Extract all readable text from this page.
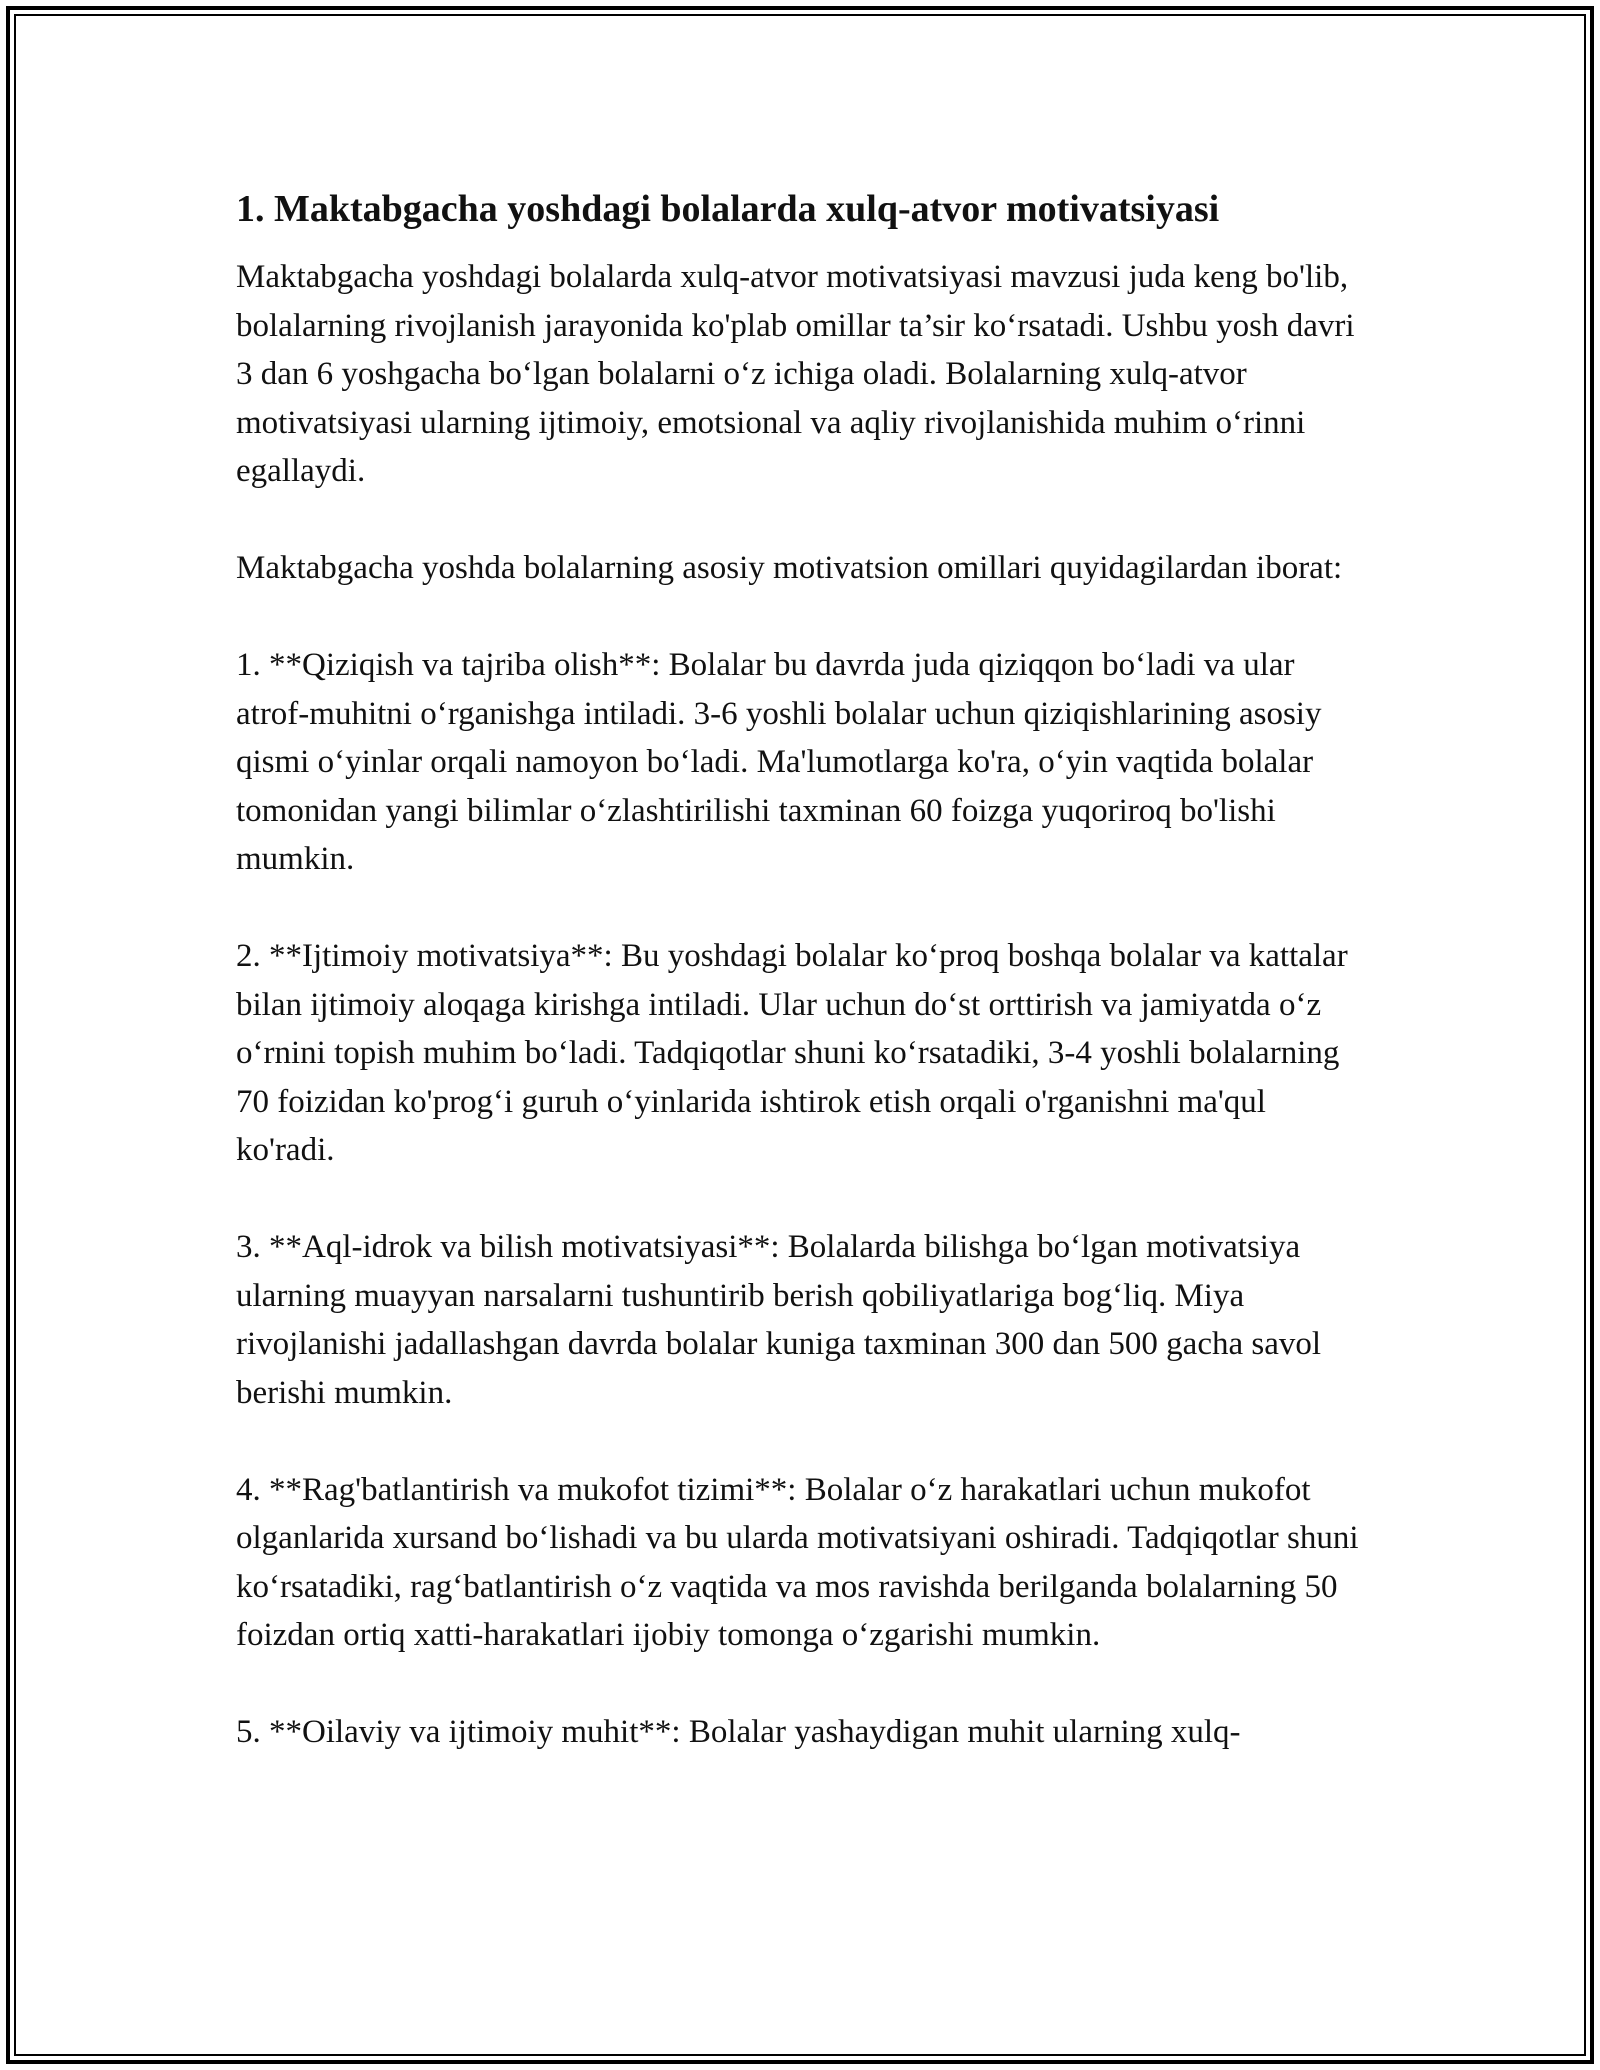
1. Maktabgacha yoshdagi bolalarda xulq-atvor motivatsiyasi

Maktabgacha yoshdagi bolalarda xulq-atvor motivatsiyasi mavzusi juda keng bo'lib, bolalarning rivojlanish jarayonida ko'plab omillar ta’sir ko‘rsatadi. Ushbu yosh davri 3 dan 6 yoshgacha bo‘lgan bolalarni o‘z ichiga oladi. Bolalarning xulq-atvor motivatsiyasi ularning ijtimoiy, emotsional va aqliy rivojlanishida muhim o‘rinni egallaydi.

Maktabgacha yoshda bolalarning asosiy motivatsion omillari quyidagilardan iborat:

1. **Qiziqish va tajriba olish**: Bolalar bu davrda juda qiziqqon bo‘ladi va ular atrof-muhitni o‘rganishga intiladi. 3-6 yoshli bolalar uchun qiziqishlarining asosiy qismi o‘yinlar orqali namoyon bo‘ladi. Ma'lumotlarga ko'ra, o‘yin vaqtida bolalar tomonidan yangi bilimlar o‘zlashtirilishi taxminan 60 foizga yuqoriroq bo'lishi mumkin.

2. **Ijtimoiy motivatsiya**: Bu yoshdagi bolalar ko‘proq boshqa bolalar va kattalar bilan ijtimoiy aloqaga kirishga intiladi. Ular uchun do‘st orttirish va jamiyatda o‘z o‘rnini topish muhim bo‘ladi. Tadqiqotlar shuni ko‘rsatadiki, 3-4 yoshli bolalarning 70 foizidan ko'prog‘i guruh o‘yinlarida ishtirok etish orqali o'rganishni ma'qul ko'radi.

3. **Aql-idrok va bilish motivatsiyasi**: Bolalarda bilishga bo‘lgan motivatsiya ularning muayyan narsalarni tushuntirib berish qobiliyatlariga bog‘liq. Miya rivojlanishi jadallashgan davrda bolalar kuniga taxminan 300 dan 500 gacha savol berishi mumkin.

4. **Rag'batlantirish va mukofot tizimi**: Bolalar o‘z harakatlari uchun mukofot olganlarida xursand bo‘lishadi va bu ularda motivatsiyani oshiradi. Tadqiqotlar shuni ko‘rsatadiki, rag‘batlantirish o‘z vaqtida va mos ravishda berilganda bolalarning 50 foizdan ortiq xatti-harakatlari ijobiy tomonga o‘zgarishi mumkin.

5. **Oilaviy va ijtimoiy muhit**: Bolalar yashaydigan muhit ularning xulq-
